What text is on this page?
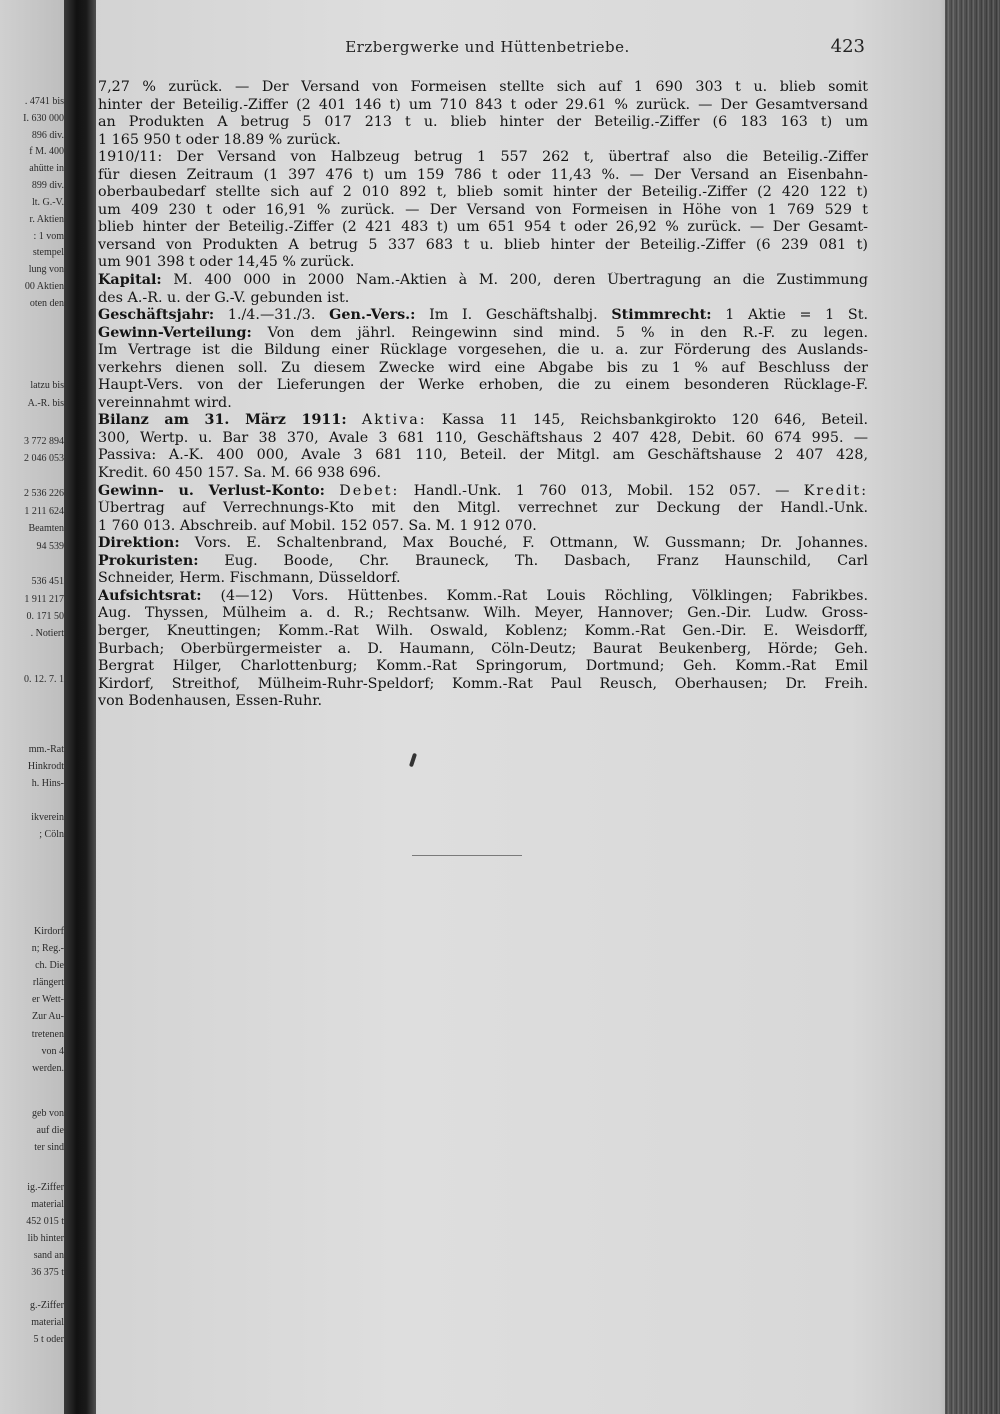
. 4741 bis
I. 630 000
896 div.
f M. 400
ahütte in
899 div.
lt. G.-V.
r. Aktien
: 1 vom
stempel
lung von
00 Aktien
oten den
latzu bis
A.-R. bis
3 772 894
2 046 053
2 536 226
1 211 624
Beamten
94 539
536 451
1 911 217
0. 171 50
. Notiert
0. 12. 7. 1
mm.-Rat
Hinkrodt
h. Hins-
ikverein
; Cöln
Kirdorf
n; Reg.-
ch. Die
rlängert
er Wett-
Zur Au-
tretenen
von 4
werden.
geb von
auf die
ter sind
ig.-Ziffer
material
452 015 t
lib hinter
sand an
36 375 t
g.-Ziffer
material
5 t oder
Erzbergwerke und Hüttenbetriebe.	423
7,27 % zurück. — Der Versand von Formeisen stellte sich auf 1 690 303 t u. blieb somit
hinter der Beteilig.-Ziffer (2 401 146 t) um 710 843 t oder 29.61 % zurück. — Der Gesamtversand
an Produkten A betrug 5 017 213 t u. blieb hinter der Beteilig.-Ziffer (6 183 163 t) um
1 165 950 t oder 18.89 % zurück.
1910/11: Der Versand von Halbzeug betrug 1 557 262 t, übertraf also die Beteilig.-Ziffer
für diesen Zeitraum (1 397 476 t) um 159 786 t oder 11,43 %. — Der Versand an Eisenbahn-
oberbaubedarf stellte sich auf 2 010 892 t, blieb somit hinter der Beteilig.-Ziffer (2 420 122 t)
um 409 230 t oder 16,91 % zurück. — Der Versand von Formeisen in Höhe von 1 769 529 t
blieb hinter der Beteilig.-Ziffer (2 421 483 t) um 651 954 t oder 26,92 % zurück. — Der Gesamt-
versand von Produkten A betrug 5 337 683 t u. blieb hinter der Beteilig.-Ziffer (6 239 081 t)
um 901 398 t oder 14,45 % zurück.
Kapital: M. 400 000 in 2000 Nam.-Aktien à M. 200, deren Übertragung an die Zustimmung
des A.-R. u. der G.-V. gebunden ist.
Geschäftsjahr: 1./4.—31./3. Gen.-Vers.: Im I. Geschäftshalbj. Stimmrecht: 1 Aktie = 1 St.
Gewinn-Verteilung: Von dem jährl. Reingewinn sind mind. 5 % in den R.-F. zu legen.
Im Vertrage ist die Bildung einer Rücklage vorgesehen, die u. a. zur Förderung des Auslands-
verkehrs dienen soll. Zu diesem Zwecke wird eine Abgabe bis zu 1 % auf Beschluss der
Haupt-Vers. von der Lieferungen der Werke erhoben, die zu einem besonderen Rücklage-F.
vereinnahmt wird.
Bilanz am 31. März 1911: Aktiva: Kassa 11 145, Reichsbankgirokto 120 646, Beteil.
300, Wertp. u. Bar 38 370, Avale 3 681 110, Geschäftshaus 2 407 428, Debit. 60 674 995. —
Passiva: A.-K. 400 000, Avale 3 681 110, Beteil. der Mitgl. am Geschäftshause 2 407 428,
Kredit. 60 450 157. Sa. M. 66 938 696.
Gewinn- u. Verlust-Konto: Debet: Handl.-Unk. 1 760 013, Mobil. 152 057. — Kredit:
Übertrag auf Verrechnungs-Kto mit den Mitgl. verrechnet zur Deckung der Handl.-Unk.
1 760 013. Abschreib. auf Mobil. 152 057. Sa. M. 1 912 070.
Direktion: Vors. E. Schaltenbrand, Max Bouché, F. Ottmann, W. Gussmann; Dr. Johannes.
Prokuristen: Eug. Boode, Chr. Brauneck, Th. Dasbach, Franz Haunschild, Carl
Schneider, Herm. Fischmann, Düsseldorf.
Aufsichtsrat: (4—12) Vors. Hüttenbes. Komm.-Rat Louis Röchling, Völklingen; Fabrikbes.
Aug. Thyssen, Mülheim a. d. R.; Rechtsanw. Wilh. Meyer, Hannover; Gen.-Dir. Ludw. Gross-
berger, Kneuttingen; Komm.-Rat Wilh. Oswald, Koblenz; Komm.-Rat Gen.-Dir. E. Weisdorff,
Burbach; Oberbürgermeister a. D. Haumann, Cöln-Deutz; Baurat Beukenberg, Hörde; Geh.
Bergrat Hilger, Charlottenburg; Komm.-Rat Springorum, Dortmund; Geh. Komm.-Rat Emil
Kirdorf, Streithof, Mülheim-Ruhr-Speldorf; Komm.-Rat Paul Reusch, Oberhausen; Dr. Freih.
von Bodenhausen, Essen-Ruhr.
